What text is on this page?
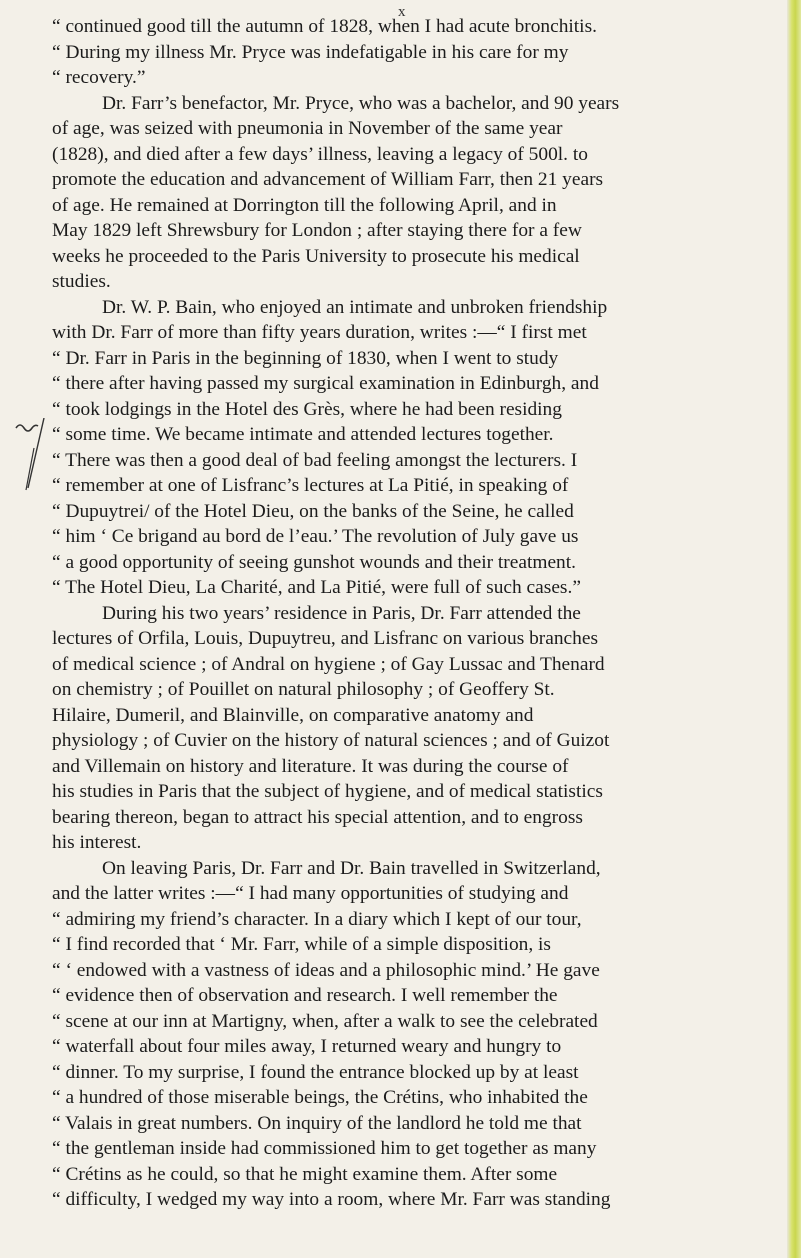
x
“ continued good till the autumn of 1828, when I had acute bronchitis.
“ During my illness Mr. Pryce was indefatigable in his care for my
“ recovery.”
Dr. Farr’s benefactor, Mr. Pryce, who was a bachelor, and 90 years
of age, was seized with pneumonia in November of the same year
(1828), and died after a few days’ illness, leaving a legacy of 500l. to
promote the education and advancement of William Farr, then 21 years
of age. He remained at Dorrington till the following April, and in
May 1829 left Shrewsbury for London ; after staying there for a few
weeks he proceeded to the Paris University to prosecute his medical
studies.
Dr. W. P. Bain, who enjoyed an intimate and unbroken friendship
with Dr. Farr of more than fifty years duration, writes :—“ I first met
“ Dr. Farr in Paris in the beginning of 1830, when I went to study
“ there after having passed my surgical examination in Edinburgh, and
“ took lodgings in the Hotel des Grès, where he had been residing
“ some time. We became intimate and attended lectures together.
“ There was then a good deal of bad feeling amongst the lecturers. I
“ remember at one of Lisfranc’s lectures at La Pitié, in speaking of
“ Dupuytrei/ of the Hotel Dieu, on the banks of the Seine, he called
“ him ‘ Ce brigand au bord de l’eau.’ The revolution of July gave us
“ a good opportunity of seeing gunshot wounds and their treatment.
“ The Hotel Dieu, La Charité, and La Pitié, were full of such cases.”
During his two years’ residence in Paris, Dr. Farr attended the
lectures of Orfila, Louis, Dupuytreu, and Lisfranc on various branches
of medical science ; of Andral on hygiene ; of Gay Lussac and Thenard
on chemistry ; of Pouillet on natural philosophy ; of Geoffery St.
Hilaire, Dumeril, and Blainville, on comparative anatomy and
physiology ; of Cuvier on the history of natural sciences ; and of Guizot
and Villemain on history and literature. It was during the course of
his studies in Paris that the subject of hygiene, and of medical statistics
bearing thereon, began to attract his special attention, and to engross
his interest.
On leaving Paris, Dr. Farr and Dr. Bain travelled in Switzerland,
and the latter writes :—“ I had many opportunities of studying and
“ admiring my friend’s character. In a diary which I kept of our tour,
“ I find recorded that ‘ Mr. Farr, while of a simple disposition, is
“ ‘ endowed with a vastness of ideas and a philosophic mind.’ He gave
“ evidence then of observation and research. I well remember the
“ scene at our inn at Martigny, when, after a walk to see the celebrated
“ waterfall about four miles away, I returned weary and hungry to
“ dinner. To my surprise, I found the entrance blocked up by at least
“ a hundred of those miserable beings, the Crétins, who inhabited the
“ Valais in great numbers. On inquiry of the landlord he told me that
“ the gentleman inside had commissioned him to get together as many
“ Crétins as he could, so that he might examine them. After some
“ difficulty, I wedged my way into a room, where Mr. Farr was standing
